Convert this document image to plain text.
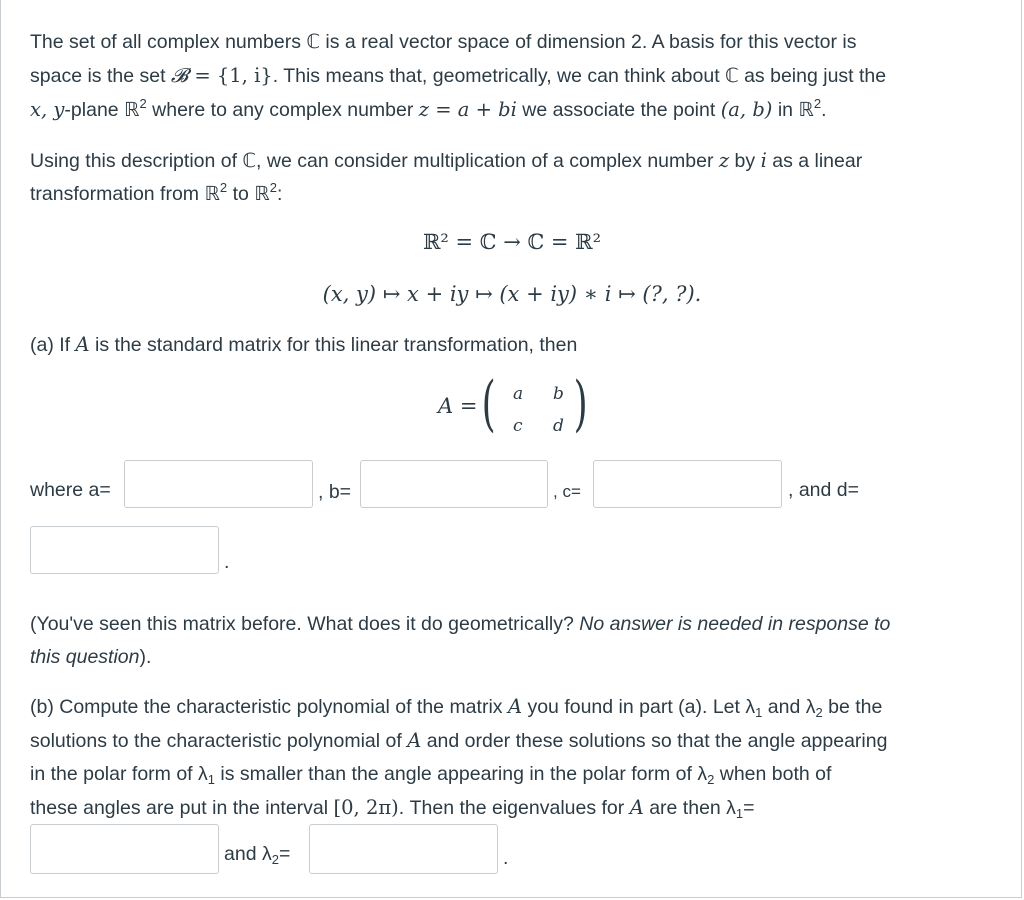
The set of all complex numbers ℂ is a real vector space of dimension 2. A basis for this vector is
space is the set 𝓑 = {1, i}. This means that, geometrically, we can think about ℂ as being just the
x, y-plane ℝ$^2$ where to any complex number z = a + bi we associate the point (a, b) in ℝ$^2$.
Using this description of ℂ, we can consider multiplication of a complex number z by i as a linear
transformation from ℝ$^2$ to ℝ$^2$:
ℝ² = ℂ → ℂ = ℝ²
(x, y) ↦ x + iy ↦ (x + iy) ∗ i ↦ (?, ?).
(a) If A is the standard matrix for this linear transformation, then
A = ( a b
c d )
where a=	, b=	, c=	, and d=
.
(You've seen this matrix before. What does it do geometrically? No answer is needed in response to
this question).
(b) Compute the characteristic polynomial of the matrix A you found in part (a). Let $\lambda_1$ and $\lambda_2$ be the
solutions to the characteristic polynomial of A and order these solutions so that the angle appearing
in the polar form of $\lambda_1$ is smaller than the angle appearing in the polar form of $\lambda_2$ when both of
these angles are put in the interval [0, 2π). Then the eigenvalues for A are then $\lambda_1=$
and $\lambda_2=$	.
